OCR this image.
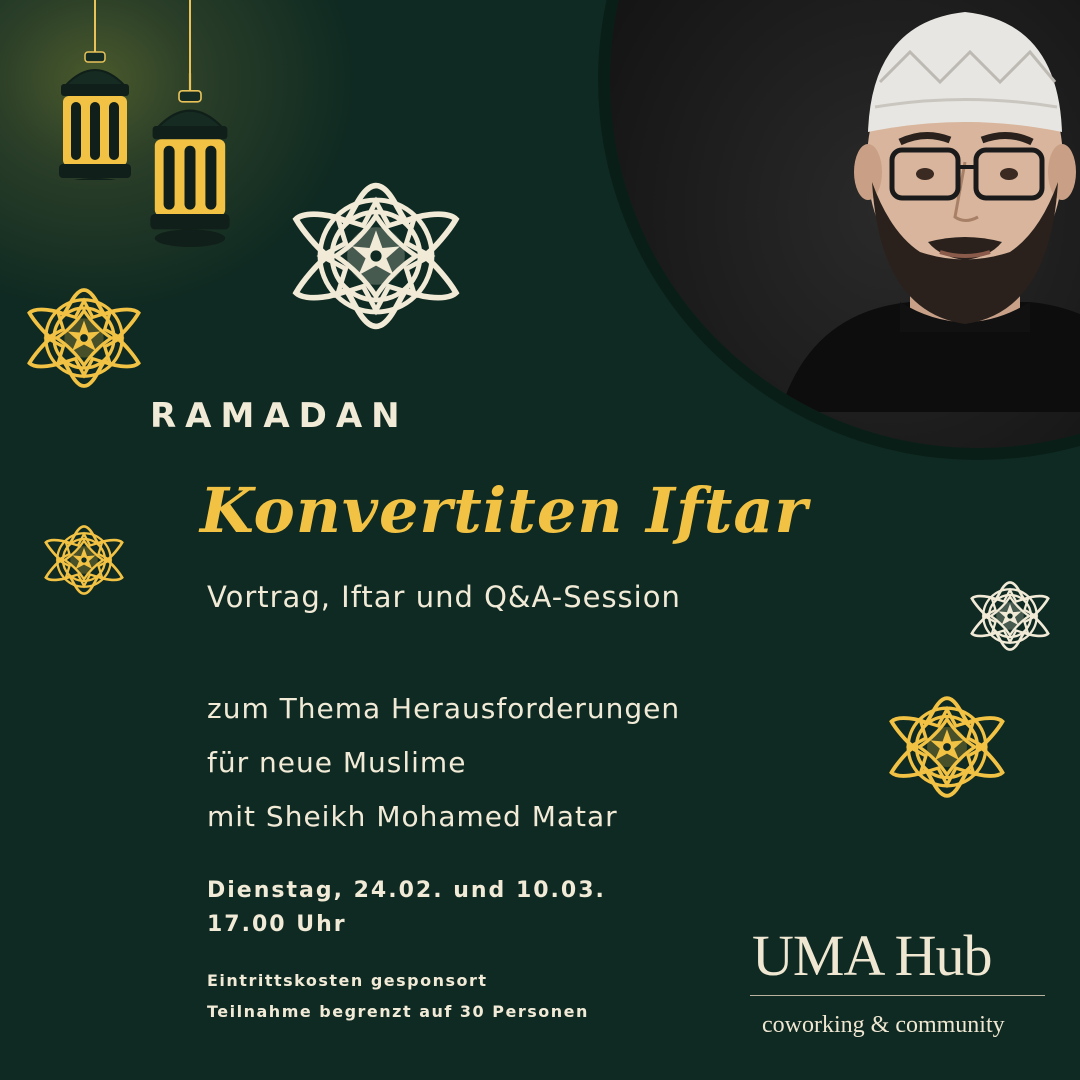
RAMADAN

Konvertiten Iftar

Vortrag, Iftar und Q&A-Session

zum Thema Herausforderungen

für neue Muslime

mit Sheikh Mohamed Matar

Dienstag, 24.02. und 10.03.

17.00 Uhr

Eintrittskosten gesponsort

Teilnahme begrenzt auf 30 Personen

UMA Hub

coworking & community
